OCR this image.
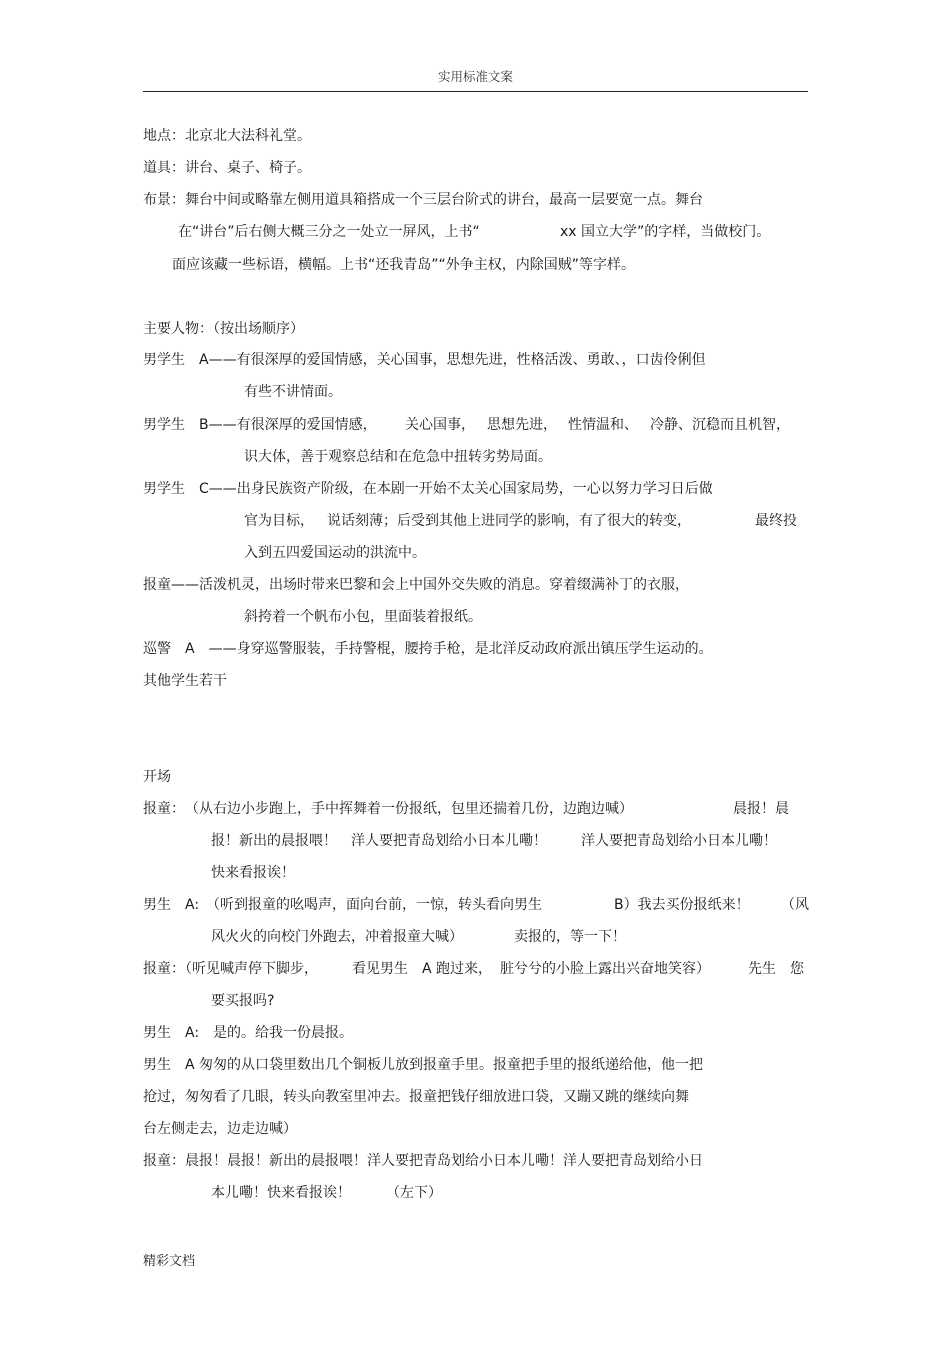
实用标准文案
地点：北京北大法科礼堂。
道具：讲台、桌子、椅子。
布景：舞台中间或略靠左侧用道具箱搭成一个三层台阶式的讲台，最高一层要宽一点。舞台
在“讲台”后右侧大概三分之一处立一屏风，上书“	xx 国立大学”的字样，当做校门。
面应该藏一些标语，横幅。上书“还我青岛”“外争主权，内除国贼”等字样。
主要人物：（按出场顺序）
男学生　A——有很深厚的爱国情感，关心国事，思想先进，性格活泼、勇敢、，口齿伶俐但
有些不讲情面。
男学生　B——有很深厚的爱国情感， 关心国事， 思想先进， 性情温和、 冷静、沉稳而且机智，
识大体，善于观察总结和在危急中扭转劣势局面。
男学生　C——出身民族资产阶级，在本剧一开始不太关心国家局势，一心以努力学习日后做
官为目标， 说话刻薄；后受到其他上进同学的影响，有了很大的转变，	最终投
入到五四爱国运动的洪流中。
报童——活泼机灵，出场时带来巴黎和会上中国外交失败的消息。穿着缀满补丁的衣服，
斜挎着一个帆布小包，里面装着报纸。
巡警　A　——身穿巡警服装，手持警棍，腰挎手枪，是北洋反动政府派出镇压学生运动的。
其他学生若干
开场
报童：　（从右边小步跑上，手中挥舞着一份报纸，包里还揣着几份，边跑边喊）	晨报！晨
报！新出的晨报喂！ 洋人要把青岛划给小日本儿嘞！ 洋人要把青岛划给小日本儿嘞！
快来看报诶！
男生　A:　（听到报童的吆喝声，面向台前，一惊，转头看向男生	B）我去买份报纸来！ （风
风火火的向校门外跑去，冲着报童大喊）	卖报的，等一下！
报童：（听见喊声停下脚步， 看见男生　A 跑过来， 脏兮兮的小脸上露出兴奋地笑容）	先生　您
要买报吗?
男生　A:　是的。给我一份晨报。
男生　A 匆匆的从口袋里数出几个铜板儿放到报童手里。报童把手里的报纸递给他，他一把
抢过，匆匆看了几眼，转头向教室里冲去。报童把钱仔细放进口袋，又蹦又跳的继续向舞
台左侧走去，边走边喊）
报童：晨报！晨报！新出的晨报喂！洋人要把青岛划给小日本儿嘞！洋人要把青岛划给小日
本儿嘞！快来看报诶！	（左下）
精彩文档
